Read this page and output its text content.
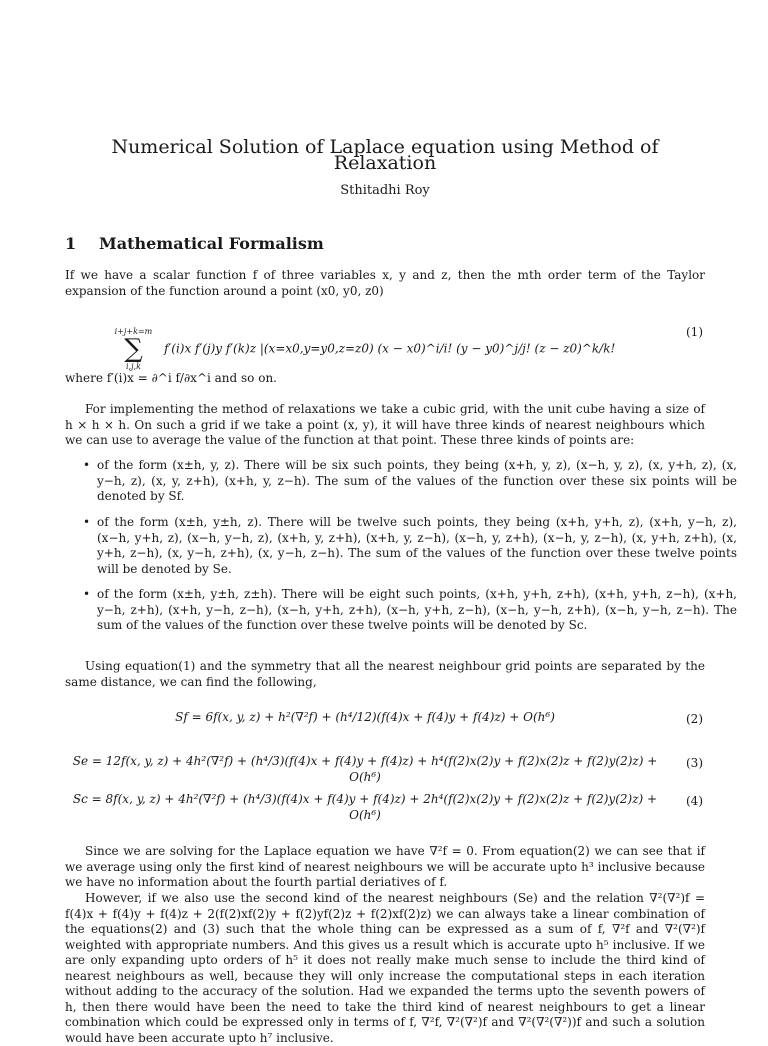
Numerical Solution of Laplace equation using Method of Relaxation
Sthitadhi Roy
1 Mathematical Formalism

If we have a scalar function f of three variables x, y and z, then the mth order term of the Taylor expansion of the function around a point (x0, y0, z0)

i+j+k=m
∑
i,j,k
f′(i)x f′(j)y f′(k)z |(x=x0,y=y0,z=z0) (x − x0)^i/i! (y − y0)^j/j! (z − z0)^k/k!
(1)

where f′(i)x = ∂^i f/∂x^i and so on.

For implementing the method of relaxations we take a cubic grid, with the unit cube having a size of h × h × h. On such a grid if we take a point (x, y), it will have three kinds of nearest neighbours which we can use to average the value of the function at that point. These three kinds of points are:

• of the form (x±h, y, z). There will be six such points, they being (x+h, y, z), (x−h, y, z), (x, y+h, z), (x, y−h, z), (x, y, z+h), (x+h, y, z−h). The sum of the values of the function over these six points will be denoted by Sf.
• of the form (x±h, y±h, z). There will be twelve such points, they being (x+h, y+h, z), (x+h, y−h, z), (x−h, y+h, z), (x−h, y−h, z), (x+h, y, z+h), (x+h, y, z−h), (x−h, y, z+h), (x−h, y, z−h), (x, y+h, z+h), (x, y+h, z−h), (x, y−h, z+h), (x, y−h, z−h). The sum of the values of the function over these twelve points will be denoted by Se.
• of the form (x±h, y±h, z±h). There will be eight such points, (x+h, y+h, z+h), (x+h, y+h, z−h), (x+h, y−h, z+h), (x+h, y−h, z−h), (x−h, y+h, z+h), (x−h, y+h, z−h), (x−h, y−h, z+h), (x−h, y−h, z−h). The sum of the values of the function over these twelve points will be denoted by Sc.

Using equation(1) and the symmetry that all the nearest neighbour grid points are separated by the same distance, we can find the following,

Sf = 6f(x, y, z) + h²(∇²f) + (h⁴/12)(f(4)x + f(4)y + f(4)z) + O(h⁶)	(2)
Se = 12f(x, y, z) + 4h²(∇²f) + (h⁴/3)(f(4)x + f(4)y + f(4)z) + h⁴(f(2)x(2)y + f(2)x(2)z + f(2)y(2)z) + O(h⁶)
(3)
Sc = 8f(x, y, z) + 4h²(∇²f) + (h⁴/3)(f(4)x + f(4)y + f(4)z) + 2h⁴(f(2)x(2)y + f(2)x(2)z + f(2)y(2)z) + O(h⁶)
(4)

Since we are solving for the Laplace equation we have ∇²f = 0. From equation(2) we can see that if we average using only the first kind of nearest neighbours we will be accurate upto h³ inclusive because we have no information about the fourth partial deriatives of f.

However, if we also use the second kind of the nearest neighbours (Se) and the relation ∇²(∇²)f = f(4)x + f(4)y + f(4)z + 2(f(2)xf(2)y + f(2)yf(2)z + f(2)xf(2)z) we can always take a linear combination of the equations(2) and (3) such that the whole thing can be expressed as a sum of f, ∇²f and ∇²(∇²)f weighted with appropriate numbers. And this gives us a result which is accurate upto h⁵ inclusive. If we are only expanding upto orders of h⁵ it does not really make much sense to include the third kind of nearest neighbours as well, because they will only increase the computational steps in each iteration without adding to the accuracy of the solution. Had we expanded the terms upto the seventh powers of h, then there would have been the need to take the third kind of nearest neighbours to get a linear combination which could be expressed only in terms of f, ∇²f, ∇²(∇²)f and ∇²(∇²(∇²))f and such a solution would have been accurate upto h⁷ inclusive.
